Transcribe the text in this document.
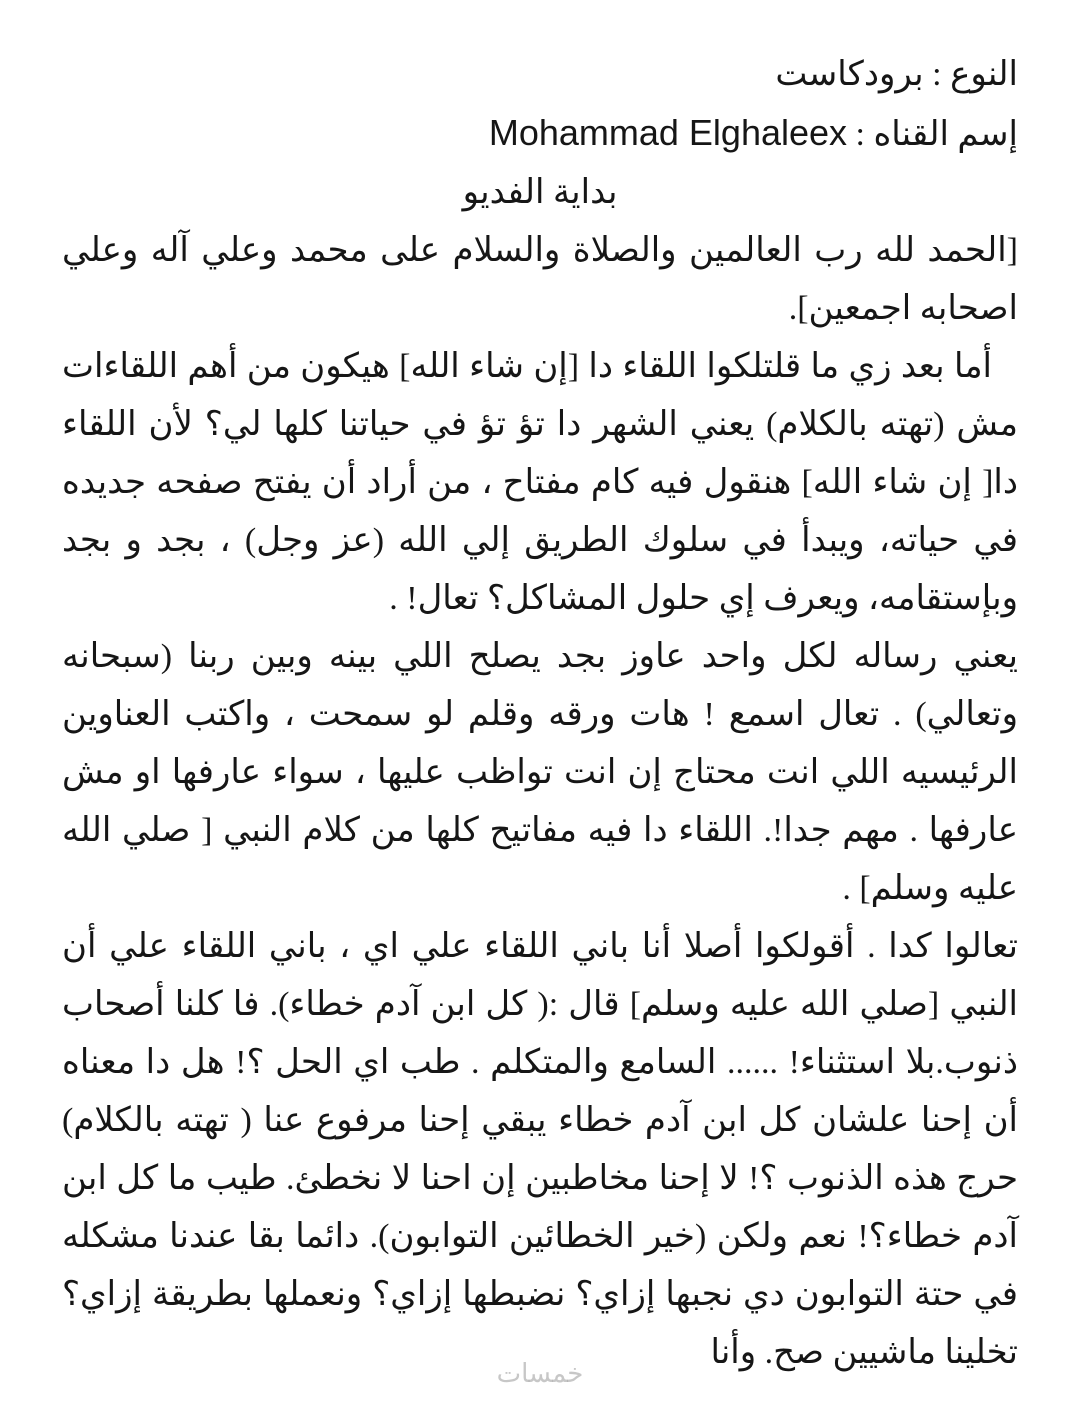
النوع : برودكاست
إسم القناه : Mohammad Elghaleex
بداية الفديو

[الحمد لله رب العالمين والصلاة والسلام على محمد وعلي آله وعلي اصحابه اجمعين].

أما بعد زي ما قلتلكوا اللقاء دا [إن شاء الله] هيكون من أهم اللقاءات مش (تهته بالكلام) يعني الشهر دا تؤ تؤ في حياتنا كلها لي؟ لأن اللقاء دا[ إن شاء الله] هنقول فيه كام مفتاح ، من أراد أن يفتح صفحه جديده في حياته، ويبدأ في سلوك الطريق إلي الله (عز وجل) ، بجد و بجد وبإستقامه، ويعرف إي حلول المشاكل؟ تعال! .

يعني رساله لكل واحد عاوز بجد يصلح اللي بينه وبين ربنا (سبحانه وتعالي) . تعال اسمع ! هات ورقه وقلم لو سمحت ، واكتب العناوين الرئيسيه اللي انت محتاج إن انت تواظب عليها ، سواء عارفها او مش عارفها . مهم جدا!. اللقاء دا فيه مفاتيح كلها من كلام النبي [ صلي الله عليه وسلم] .

تعالوا كدا . أقولكوا أصلا أنا باني اللقاء علي اي ، باني اللقاء علي أن النبي [صلي الله عليه وسلم] قال :( كل ابن آدم خطاء). فا كلنا أصحاب ذنوب.بلا استثناء! ...... السامع والمتكلم . طب اي الحل ؟! هل دا معناه أن إحنا علشان كل ابن آدم خطاء يبقي إحنا مرفوع عنا ( تهته بالكلام) حرج هذه الذنوب ؟! لا إحنا مخاطبين إن احنا لا نخطئ. طيب ما كل ابن آدم خطاء؟! نعم ولكن (خير الخطائين التوابون). دائما بقا عندنا مشكله في حتة التوابون دي نجبها إزاي؟ نضبطها إزاي؟ ونعملها بطريقة إزاي؟ تخلينا ماشيين صح. وأنا

خمسات
